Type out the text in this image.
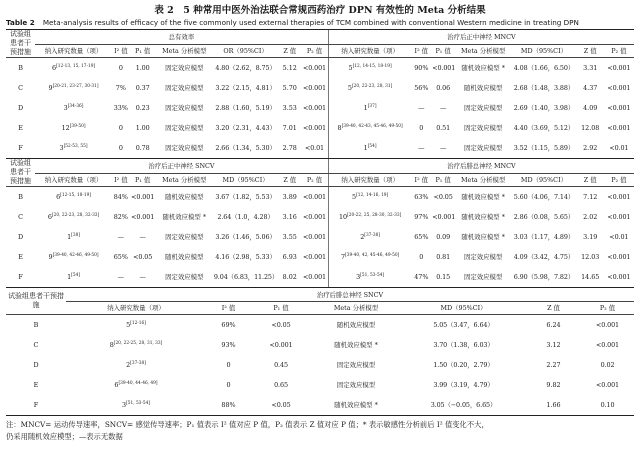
表 2　5 种常用中医外治法联合常规西药治疗 DPN 有效性的 Meta 分析结果
Table 2 Meta-analysis results of efficacy of the five commonly used external therapies of TCM combined with conventional Western medicine in treating DPN
试验组患者干预措施	总有效率							治疗后正中神经 MNCV						
	纳入研究数量（项）	I² 值	P₁ 值	Meta 分析模型	OR（95%CI）	Z 值	P₂ 值	纳入研究数量（项）	I² 值	P₁ 值	Meta 分析模型	MD（95%CI）	Z 值	P₂ 值
B	6[12-13, 15, 17-19]	0	1.00	固定效应模型	4.80（2.62，8.75）	5.12	<0.001	5[12, 14-15, 18-19]	90%	<0.001	随机效应模型 *	4.08（1.66，6.50）	3.31	<0.001
C	9[20-21, 23-27, 30-31]	7%	0.37	固定效应模型	3.22（2.15，4.81）	5.70	<0.001	5[20, 22-23, 28, 31]	56%	0.06	随机效应模型	2.68（1.48，3.88）	4.37	<0.001
D	3[34-36]	33%	0.23	固定效应模型	2.88（1.60，5.19）	3.53	<0.001	1[37]	—	—	固定效应模型	2.69（1.40，3.98）	4.09	<0.001
E	12[39-50]	0	1.00	固定效应模型	3.20（2.31，4.43）	7.01	<0.001	8[39-40, 42-43, 45-46, 49-50]	0	0.51	固定效应模型	4.40（3.69，5.12）	12.08	<0.001
F	3[52-53, 55]	0	0.78	固定效应模型	2.66（1.34，5.30）	2.78	<0.01	1[54]	—	—	固定效应模型	3.52（1.15，5.89）	2.92	<0.01
试验组患者干预措施	治疗后正中神经 SNCV							治疗后腓总神经 MNCV						
	纳入研究数量（项）	I² 值	P₁ 值	Meta 分析模型	MD（95%CI）	Z 值	P₂ 值	纳入研究数量（项）	I² 值	P₁ 值	Meta 分析模型	MD（95%CI）	Z 值	P₂ 值
B	6[12-15, 18-19]	84%	<0.001	随机效应模型	3.67（1.82，5.53）	3.89	<0.001	5[12, 14-16, 19]	63%	<0.05	随机效应模型 *	5.60（4.06，7.14）	7.12	<0.001
C	6[20, 22-23, 28, 32-33]	82%	<0.001	随机效应模型 *	2.64（1.0，4.28）	3.16	<0.001	10[20-22, 25, 28-30, 32-33]	97%	<0.001	随机效应模型 *	2.86（0.08，5.65）	2.02	<0.001
D	1[38]	—	—	固定效应模型	3.26（1.46，5.06）	3.55	<0.001	2[37-38]	65%	0.09	随机效应模型 *	3.03（1.17，4.89）	3.19	<0.01
E	9[39-40, 42-46, 49-50]	65%	<0.05	随机效应模型	4.16（2.98，5.33）	6.93	<0.001	7[39-40, 42, 45-46, 49-50]	0	0.81	固定效应模型	4.09（3.42，4.75）	12.03	<0.001
F	1[54]	—	—	固定效应模型	9.04（6.83，11.25）	8.02	<0.001	3[51, 53-54]	47%	0.15	固定效应模型	6.90（5.98，7.82）	14.65	<0.001
试验组患者干预措施	治疗后腓总神经 SNCV						
	纳入研究数量（项）	I² 值	P₁ 值	Meta 分析模型	MD（95%CI）	Z 值	P₂ 值
B	5[12-16]	69%	<0.05	随机效应模型	5.05（3.47，6.64）	6.24	<0.001
C	8[20, 22-25, 28, 31, 33]	93%	<0.001	随机效应模型 *	3.70（1.38，6.03）	3.12	<0.001
D	2[37-38]	0	0.45	固定效应模型	1.50（0.20，2.79）	2.27	0.02
E	6[39-40, 44-46, 49]	0	0.65	固定效应模型	3.99（3.19，4.79）	9.82	<0.001
F	3[51, 53-54]	88%	<0.05	随机效应模型 *	3.05（−0.05，6.65）	1.66	0.10
注：MNCV= 运动传导速率，SNCV= 感觉传导速率；P₁ 值表示 I² 值对应 P 值，P₂ 值表示 Z 值对应 P 值；* 表示敏感性分析前后 I² 值变化不大，
仍采用随机效应模型；—表示无数据
